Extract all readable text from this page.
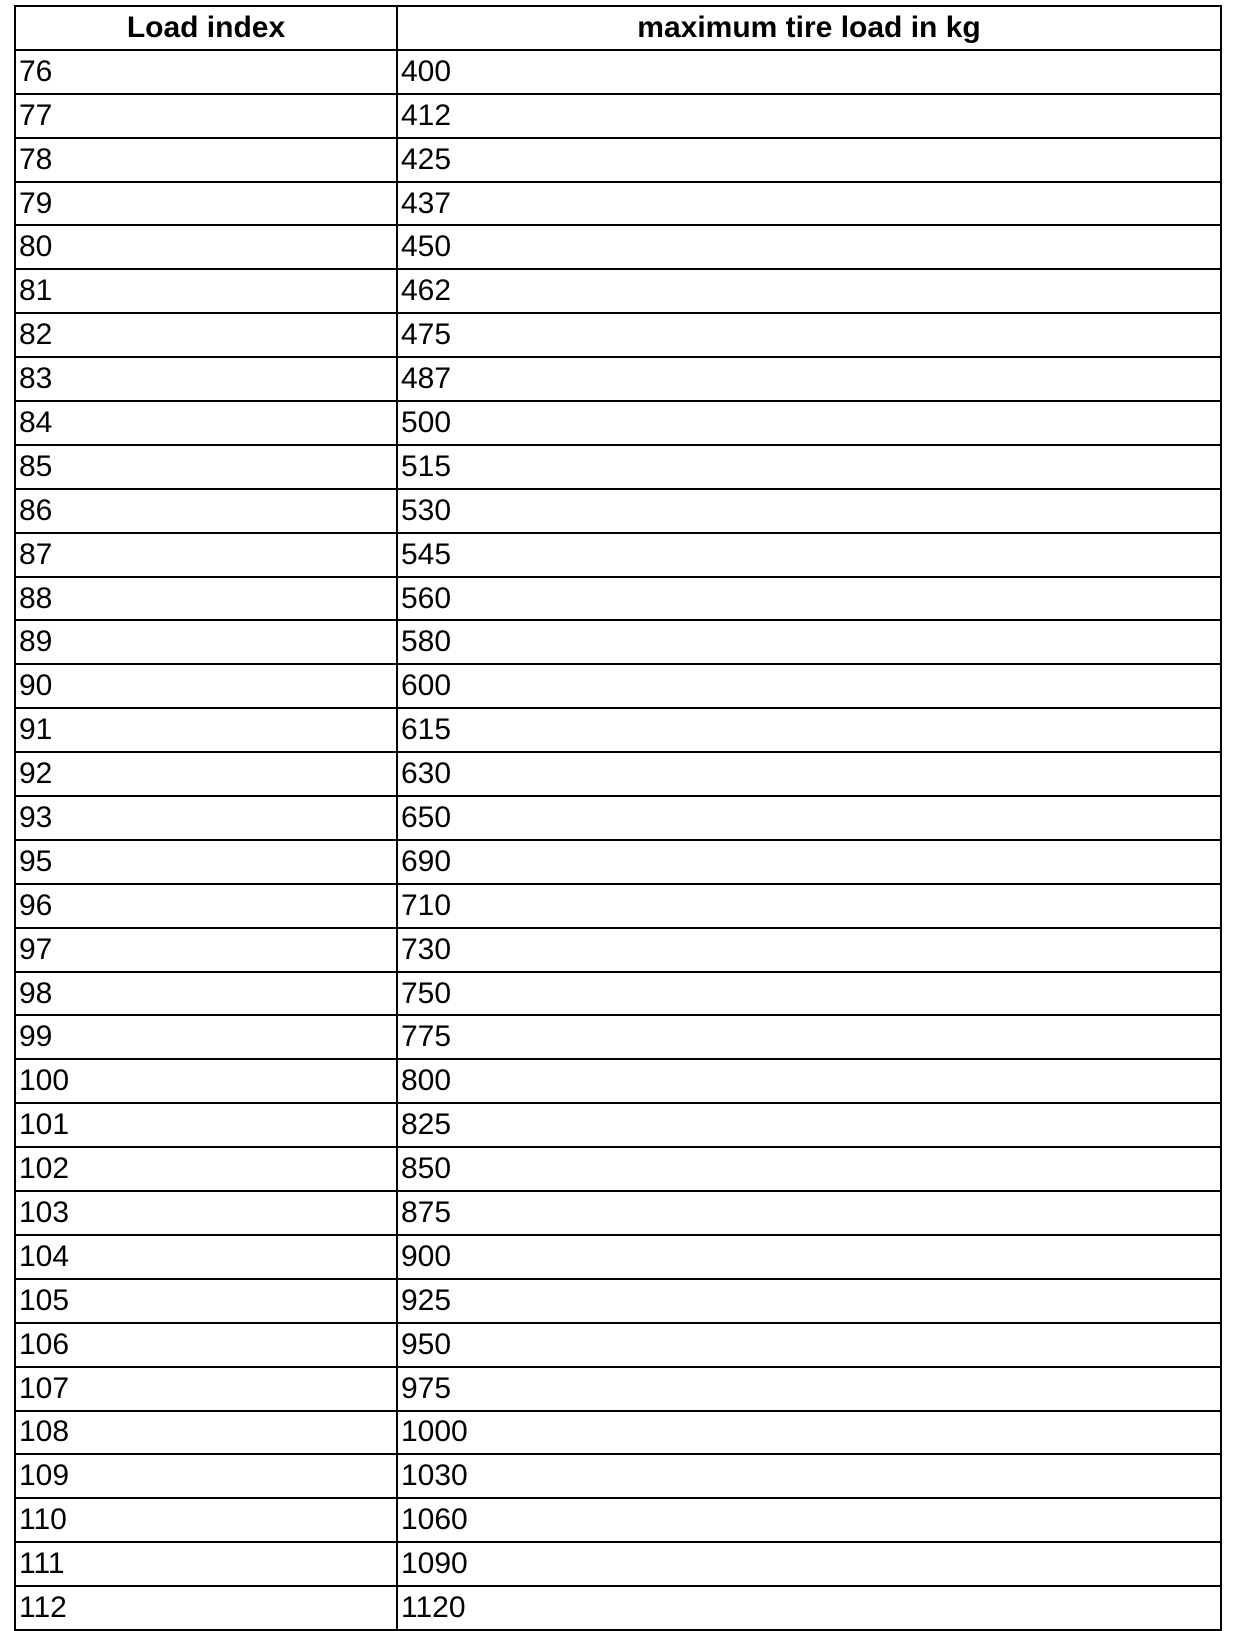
Load index	maximum tire load in kg
76	400
77	412
78	425
79	437
80	450
81	462
82	475
83	487
84	500
85	515
86	530
87	545
88	560
89	580
90	600
91	615
92	630
93	650
95	690
96	710
97	730
98	750
99	775
100	800
101	825
102	850
103	875
104	900
105	925
106	950
107	975
108	1000
109	1030
110	1060
111	1090
112	1120
